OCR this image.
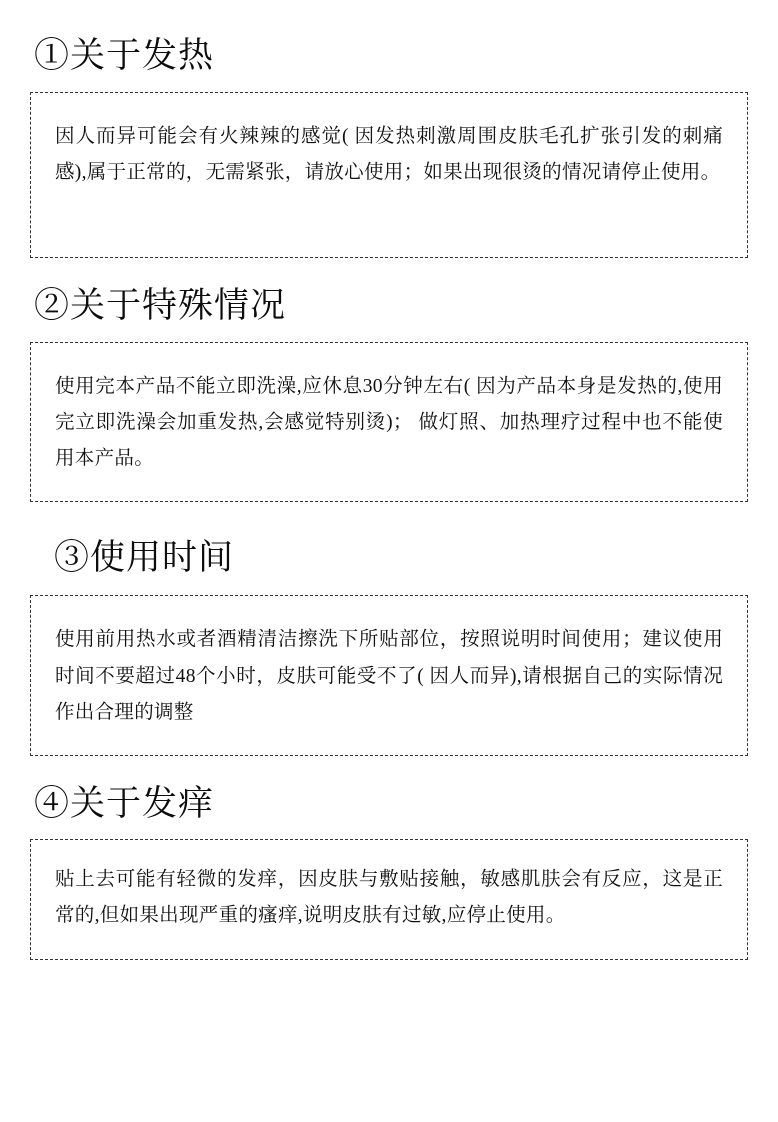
①关于发热
因人而异可能会有火辣辣的感觉( 因发热刺激周围皮肤毛孔扩张引发的刺痛感),属于正常的，无需紧张，请放心使用；如果出现很烫的情况请停止使用。
②关于特殊情况
使用完本产品不能立即洗澡,应休息30分钟左右( 因为产品本身是发热的,使用完立即洗澡会加重发热,会感觉特别烫)； 做灯照、加热理疗过程中也不能使用本产品。
③使用时间
使用前用热水或者酒精清洁擦洗下所贴部位，按照说明时间使用；建议使用时间不要超过48个小时，皮肤可能受不了( 因人而异),请根据自己的实际情况作出合理的调整
④关于发痒
贴上去可能有轻微的发痒，因皮肤与敷贴接触，敏感肌肤会有反应，这是正常的,但如果出现严重的瘙痒,说明皮肤有过敏,应停止使用。
